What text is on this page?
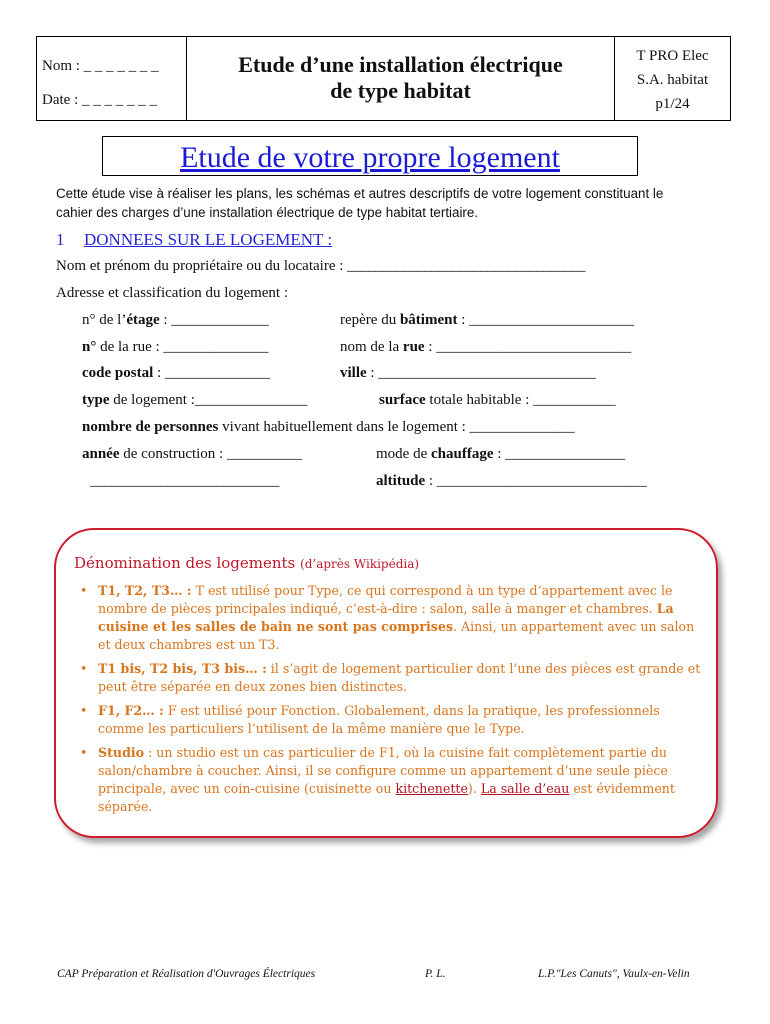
Nom : _ _ _ _ _ _ _
Date : _ _ _ _ _ _ _
Etude d’une installation électrique
de type habitat
T PRO Elec
S.A. habitat
p1/24
Etude de votre propre logement
Cette étude vise à réaliser les plans, les schémas et autres descriptifs de votre logement constituant le cahier des charges d’une installation électrique de type habitat tertiaire.
1 DONNEES SUR LE LOGEMENT :
Nom et prénom du propriétaire ou du locataire : __________________________________
Adresse et classification du logement :
n° de l’étage : _____________	repère du bâtiment : ______________________
n° de la rue : ______________	nom de la rue : __________________________
code postal : ______________	ville : _____________________________
type de logement :_______________	surface totale habitable : ___________
nombre de personnes vivant habituellement dans le logement : ______________
année de construction : __________	mode de chauffage : ________________
___________________________	altitude : ____________________________
Dénomination des logements (d’après Wikipédia)
• T1, T2, T3… : T est utilisé pour Type, ce qui correspond à un type d’appartement avec le nombre de pièces principales indiqué, c’est-à-dire : salon, salle à manger et chambres. La cuisine et les salles de bain ne sont pas comprises. Ainsi, un appartement avec un salon et deux chambres est un T3.
• T1 bis, T2 bis, T3 bis… : il s’agit de logement particulier dont l’une des pièces est grande et peut être séparée en deux zones bien distinctes.
• F1, F2… : F est utilisé pour Fonction. Globalement, dans la pratique, les professionnels comme les particuliers l’utilisent de la même manière que le Type.
• Studio : un studio est un cas particulier de F1, où la cuisine fait complètement partie du salon/chambre à coucher. Ainsi, il se configure comme un appartement d’une seule pièce principale, avec un coin-cuisine (cuisinette ou kitchenette). La salle d’eau est évidemment séparée.
CAP Préparation et Réalisation d'Ouvrages Électriques	P. L.	L.P."Les Canuts", Vaulx-en-Velin
